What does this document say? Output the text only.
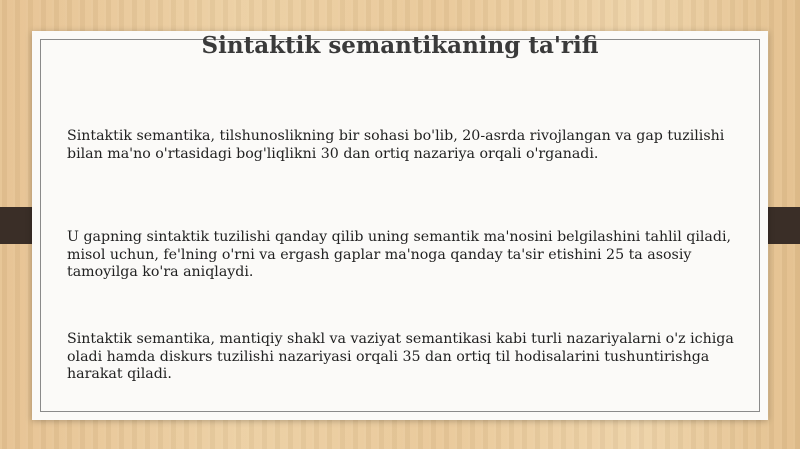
Sintaktik semantikaning ta'rifi

Sintaktik semantika, tilshunoslikning bir sohasi bo'lib, 20-asrda rivojlangan va gap tuzilishi bilan ma'no o'rtasidagi bog'liqlikni 30 dan ortiq nazariya orqali o'rganadi.

U gapning sintaktik tuzilishi qanday qilib uning semantik ma'nosini belgilashini tahlil qiladi, misol uchun, fe'lning o'rni va ergash gaplar ma'noga qanday ta'sir etishini 25 ta asosiy tamoyilga ko'ra aniqlaydi.

Sintaktik semantika, mantiqiy shakl va vaziyat semantikasi kabi turli nazariyalarni o'z ichiga oladi hamda diskurs tuzilishi nazariyasi orqali 35 dan ortiq til hodisalarini tushuntirishga harakat qiladi.
